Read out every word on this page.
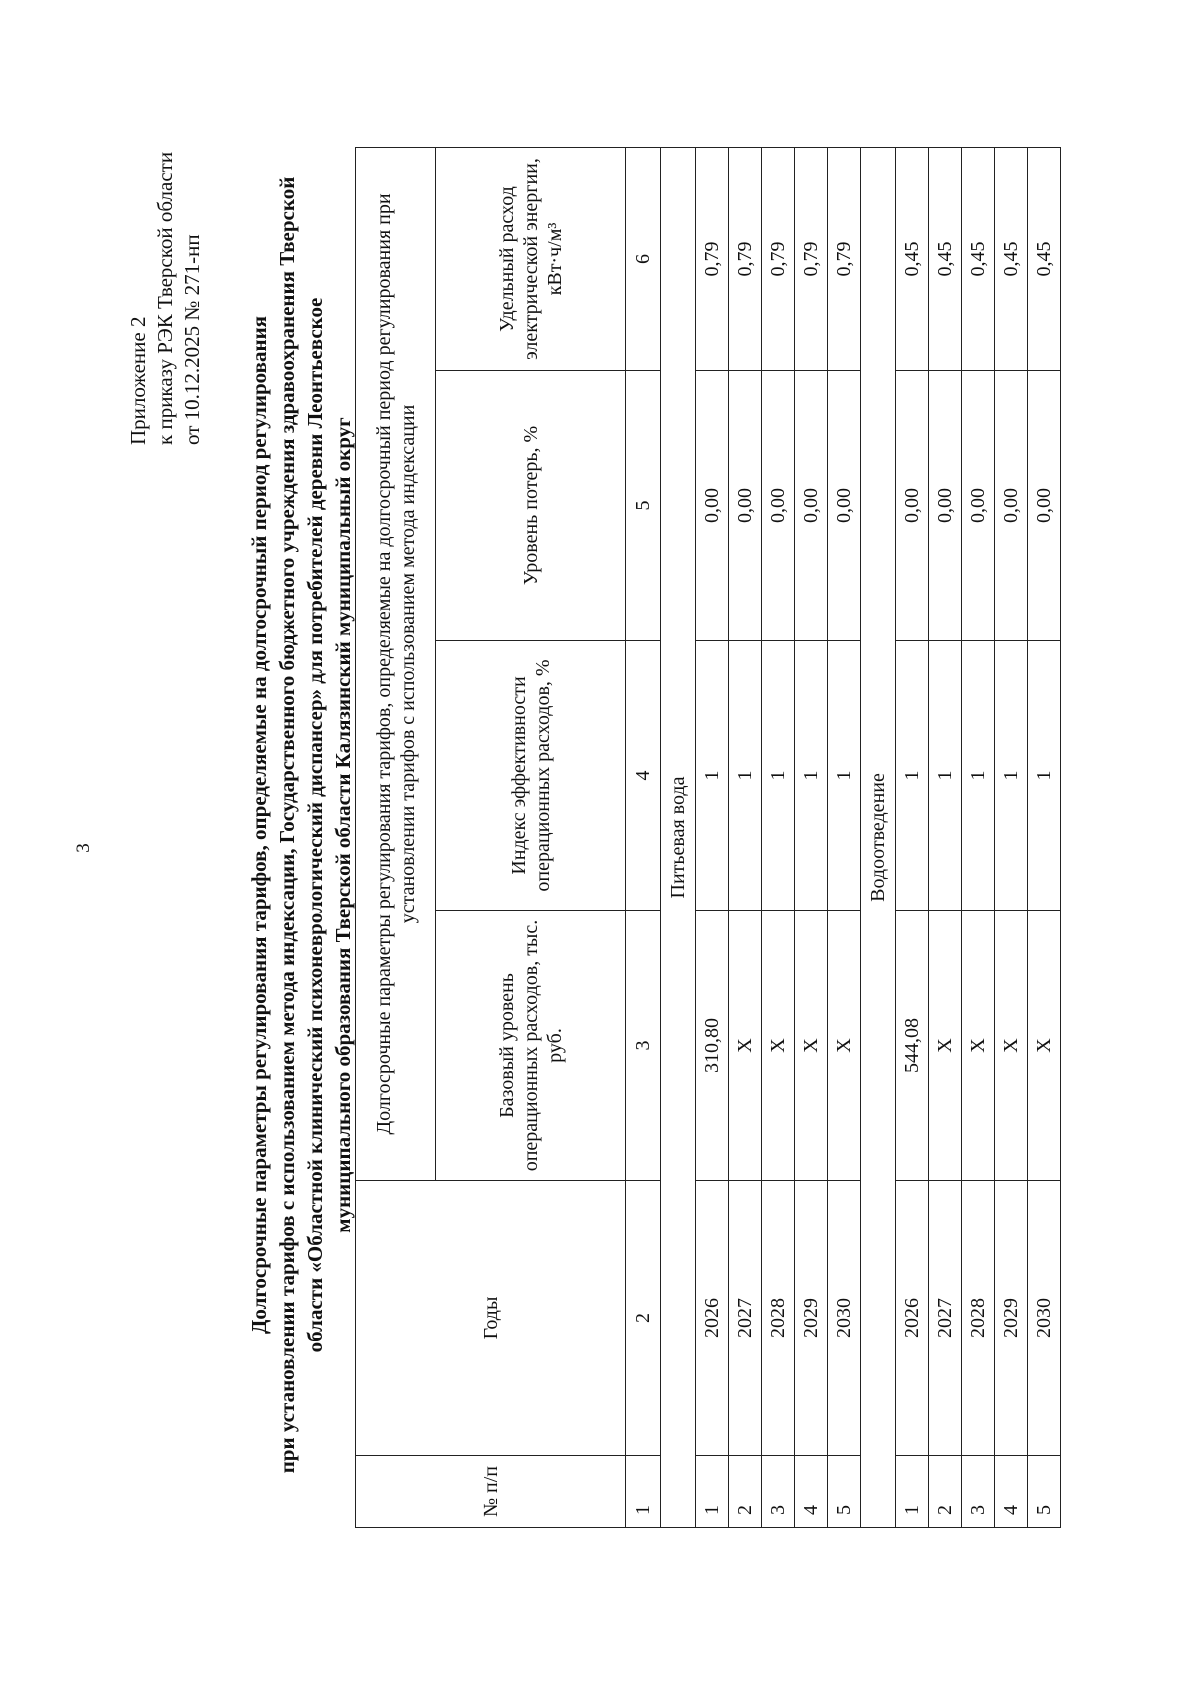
3
Приложение 2 к приказу РЭК Тверской области от 10.12.2025 № 271-нп Долгосрочные параметры регулирования тарифов, определяемые на долгосрочный период регулирования при установлении тарифов с использованием метода индексации, Государственного бюджетного учреждения здравоохранения Тверской области «Областной клинический психоневрологический диспансер» для потребителей деревни Леонтьевское муниципального образования Тверской области Калязинский муниципальный округ
№ п/п	Годы	Долгосрочные параметры регулирования тарифов, определяемые на долгосрочный период регулирования при установлении тарифов с использованием метода индексации			
		Базовый уровень операционных расходов, тыс. руб.	Индекс эффективности операционных расходов, %	Уровень потерь, %	Удельный расход электрической энергии, кВт·ч/м³
1	2	3	4	5	6
Питьевая вода					
1	2026	310,80	1	0,00	0,79
2	2027	X	1	0,00	0,79
3	2028	X	1	0,00	0,79
4	2029	X	1	0,00	0,79
5	2030	X	1	0,00	0,79
Водоотведение					
1	2026	544,08	1	0,00	0,45
2	2027	X	1	0,00	0,45
3	2028	X	1	0,00	0,45
4	2029	X	1	0,00	0,45
5	2030	X	1	0,00	0,45
